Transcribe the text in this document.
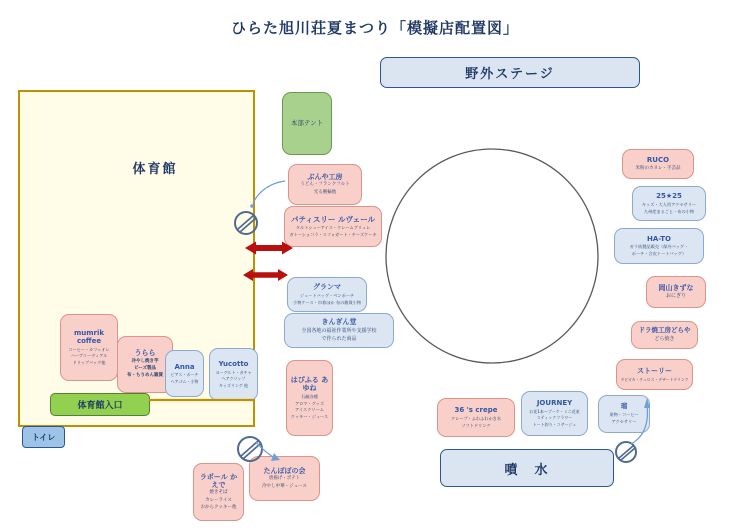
ひらた旭川荘夏まつり「模擬店配置図」
体育館
体育館入口
トイレ
野外ステージ
噴　水
本部テント
ぶんや工房
うどん・フランクフルト
光る腕輪他
パティスリー ルヴェール
タルトシューアイス・クレームブリュレ
ガトーショコラ・スフォガート・チーズケーキ
グランマ
ジュートバッグ・ペンポーチ
小物ケース・巾着ほか 布の雑貨小物
きんぎん堂
全国各地の福祉作業所や支援学校
で作られた商品
はぴふる あゆね
石鹸各種
アロマ・グッズ
アイスクリーム
クッキー・ジュース
mumrik coffee
コーヒー・カフェオレ
ハーブコーディアル
ドリップバッグ他
うらら
冷やし焼き芋
ビーズ製品
布・ちりめん雑貨
Anna
ピアス・ポーチ
ヘアゴム・小物
Yucotto
ヨーグルト・ガチャ
ヘアクリップ
キッズリング 他
たんぽぽの会
唐揚げ・ポテト
冷やし中華・ジュース
ラポール かえで
焼きそば
カレーライス
おからクッキー他
RUCO
米粉のカヌレ・手芸品
25★25
キッズ・大人用アクセサリー
九州産まるごと・布の小物
HA-TO
ガラ紡製品販売（保冷バッグ・
ポーチ・合皮トートバッグ）
岡山きずな
おにぎり
ドラ焼工房どらや
どら焼き
ストーリー
タピオカ・チュロス・デザートドリンク
36 's crepe
クレープ・ふわふわかき氷
ソフトドリンク
JOURNEY
お花1本〜ブーケ・ミニ花束
スティックフラワー
トート釣り・コサージュ
瑠
果物・コーヒー
アクセサリー
